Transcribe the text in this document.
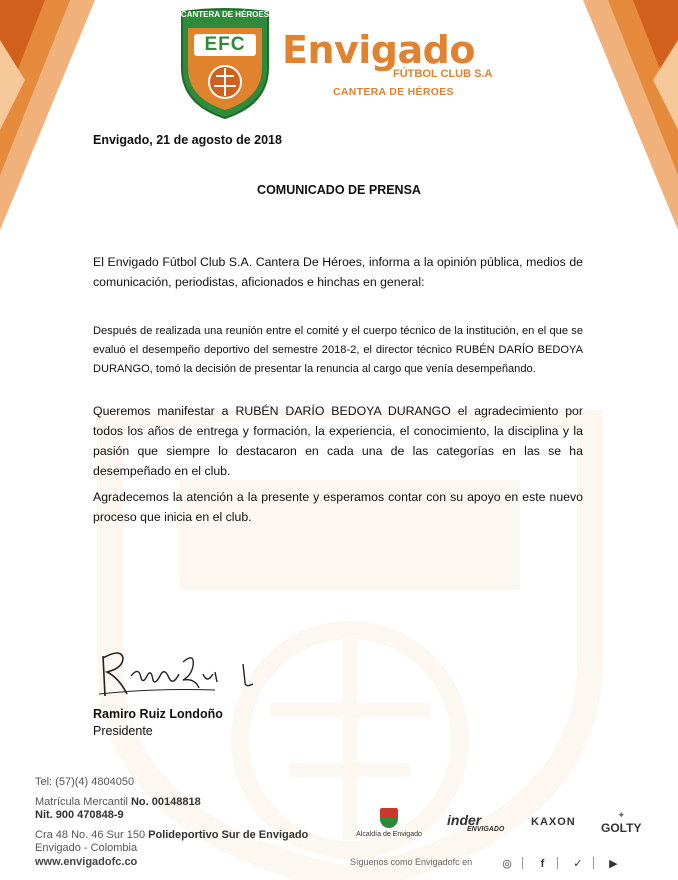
CANTERA DE HÉROES
EFC Envigado
FÚTBOL CLUB S.A
CANTERA DE HÉROES
Envigado, 21 de agosto de 2018
COMUNICADO DE PRENSA
El Envigado Fútbol Club S.A. Cantera De Héroes, informa a la opinión pública, medios de comunicación, periodistas, aficionados e hinchas en general:
Después de realizada una reunión entre el comité y el cuerpo técnico de la institución, en el que se evaluó el desempeño deportivo del semestre 2018-2, el director técnico RUBÉN DARÍO BEDOYA DURANGO, tomó la decisión de presentar la renuncia al cargo que venía desempeñando.
Queremos manifestar a RUBÉN DARÍO BEDOYA DURANGO el agradecimiento por todos los años de entrega y formación, la experiencia, el conocimiento, la disciplina y la pasión que siempre lo destacaron en cada una de las categorías en las se ha desempeñado en el club.
Agradecemos la atención a la presente y esperamos contar con su apoyo en este nuevo proceso que inicia en el club.
Ramiro Ruiz Londoño
Presidente
Tel: (57)(4) 4804050
Matrícula Mercantil No. 00148818
Nit. 900 470848-9
Cra 48 No. 46 Sur 150 Polideportivo Sur de Envigado
Envigado - Colombia
www.envigadofc.co
Alcaldía de Envigado
inder
ENVIGADO
KAXON
✦
GOLTY
Síguenos como Envigadofc en	◎	f	✓ ▶
